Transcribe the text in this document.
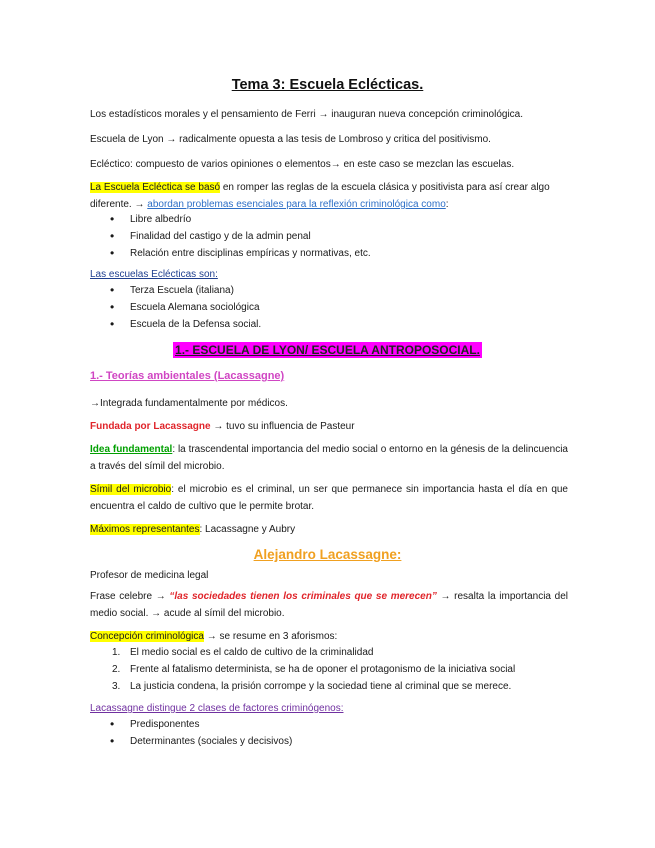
Tema 3: Escuela Eclécticas.
Los estadísticos morales y el pensamiento de Ferri → inauguran nueva concepción criminológica.
Escuela de Lyon → radicalmente opuesta a las tesis de Lombroso y critica del positivismo.
Ecléctico: compuesto de varios opiniones o elementos→ en este caso se mezclan las escuelas.
La Escuela Ecléctica se basó en romper las reglas de la escuela clásica y positivista para así crear algo diferente. → abordan problemas esenciales para la reflexión criminológica como:
• Libre albedrío
• Finalidad del castigo y de la admin penal
• Relación entre disciplinas empíricas y normativas, etc.
Las escuelas Eclécticas son:
• Terza Escuela (italiana)
• Escuela Alemana sociológica
• Escuela de la Defensa social.
1.- ESCUELA DE LYON/ ESCUELA ANTROPOSOCIAL.
1.- Teorías ambientales (Lacassagne)
→Integrada fundamentalmente por médicos.
Fundada por Lacassagne → tuvo su influencia de Pasteur
Idea fundamental: la trascendental importancia del medio social o entorno en la génesis de la delincuencia a través del símil del microbio.
Símil del microbio: el microbio es el criminal, un ser que permanece sin importancia hasta el día en que encuentra el caldo de cultivo que le permite brotar.
Máximos representantes: Lacassagne y Aubry
Alejandro Lacassagne:
Profesor de medicina legal
Frase celebre → “las sociedades tienen los criminales que se merecen” → resalta la importancia del medio social. → acude al símil del microbio.
Concepción criminológica → se resume en 3 aforismos:
1. El medio social es el caldo de cultivo de la criminalidad
2. Frente al fatalismo determinista, se ha de oponer el protagonismo de la iniciativa social
3. La justicia condena, la prisión corrompe y la sociedad tiene al criminal que se merece.
Lacassagne distingue 2 clases de factores criminógenos:
• Predisponentes
• Determinantes (sociales y decisivos)
